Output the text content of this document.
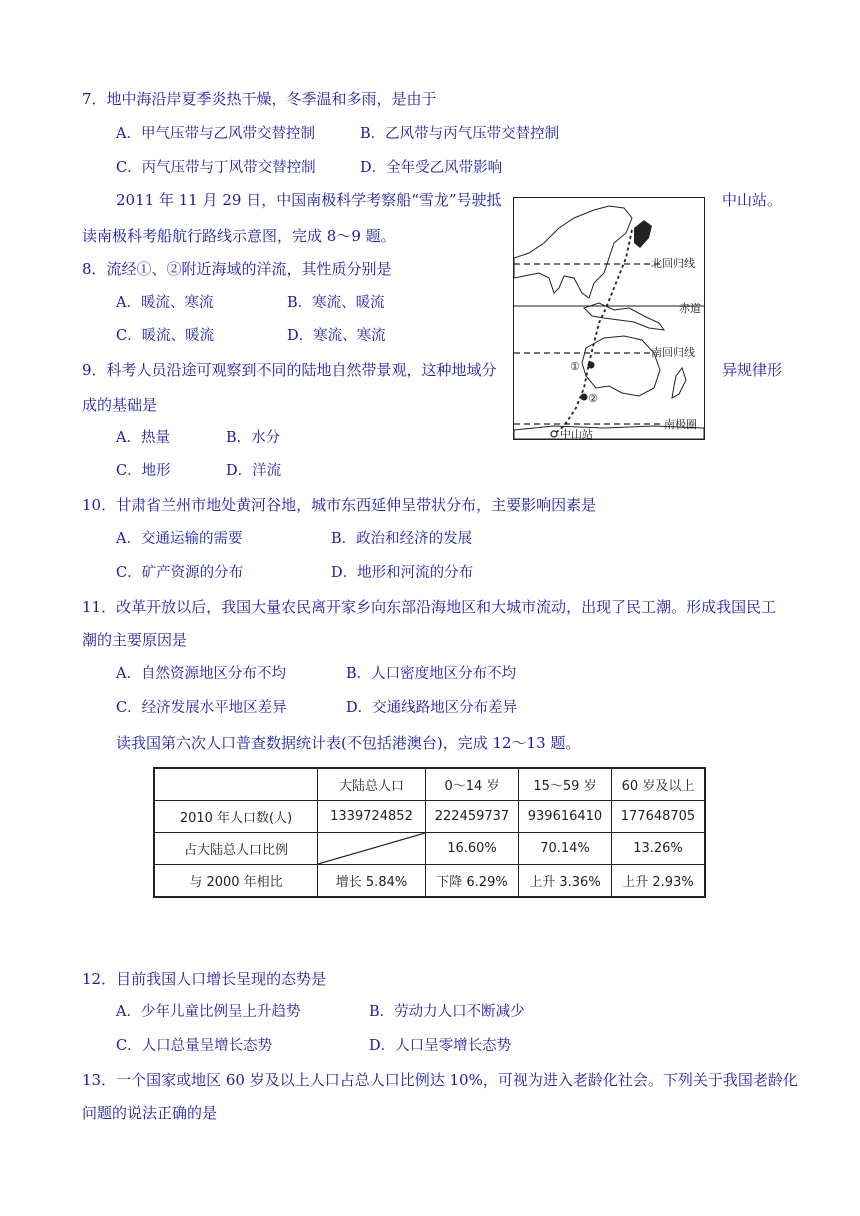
7．地中海沿岸夏季炎热干燥，冬季温和多雨，是由于
A．甲气压带与乙风带交替控制	B．乙风带与丙气压带交替控制
C．丙气压带与丁风带交替控制	D．全年受乙风带影响
2011 年 11 月 29 日，中国南极科学考察船“雪龙”号驶抵	中山站。
读南极科考船航行路线示意图，完成 8～9 题。
①
②
北回归线
赤道
南回归线
南极圈
中山站
8．流经①、②附近海域的洋流，其性质分别是
A．暖流、寒流	B．寒流、暖流
C．暖流、暖流	D．寒流、寒流
9．科考人员沿途可观察到不同的陆地自然带景观，这种地域分	异规律形
成的基础是
A．热量	B．水分
C．地形	D．洋流
10．甘肃省兰州市地处黄河谷地，城市东西延伸呈带状分布，主要影响因素是
A．交通运输的需要	B．政治和经济的发展
C．矿产资源的分布	D．地形和河流的分布
11．改革开放以后，我国大量农民离开家乡向东部沿海地区和大城市流动，出现了民工潮。形成我国民工
潮的主要原因是
A．自然资源地区分布不均	B．人口密度地区分布不均
C．经济发展水平地区差异	D．交通线路地区分布差异
读我国第六次人口普查数据统计表(不包括港澳台)，完成 12～13 题。
	大陆总人口	0～14 岁	15～59 岁	60 岁及以上
2010 年人口数(人)	1339724852	222459737	939616410	177648705
占大陆总人口比例		16.60%	70.14%	13.26%
与 2000 年相比	增长 5.84%	下降 6.29%	上升 3.36%	上升 2.93%
12．目前我国人口增长呈现的态势是
A．少年儿童比例呈上升趋势	B．劳动力人口不断减少
C．人口总量呈增长态势	D．人口呈零增长态势
13．一个国家或地区 60 岁及以上人口占总人口比例达 10%，可视为进入老龄化社会。下列关于我国老龄化
问题的说法正确的是
